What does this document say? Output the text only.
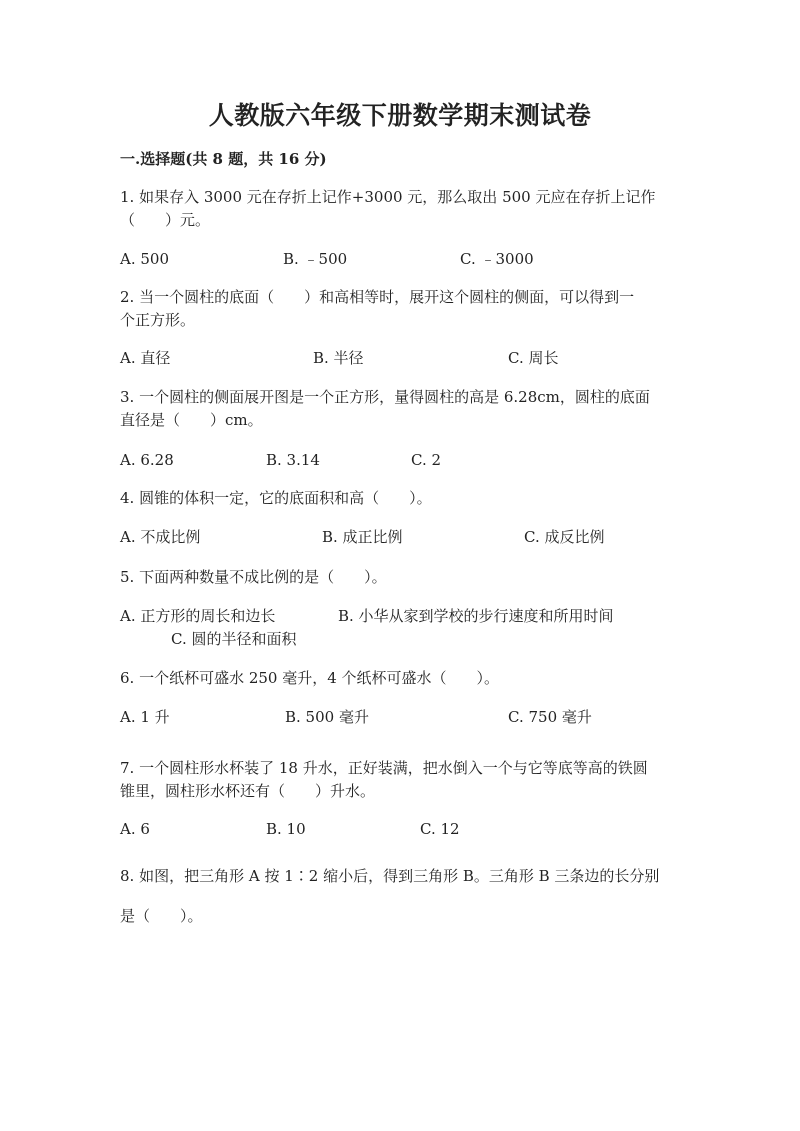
人教版六年级下册数学期末测试卷
一.选择题(共 8 题，共 16 分)
1. 如果存入 3000 元在存折上记作+3000 元，那么取出 500 元应在存折上记作
（　　）元。
A. 500	B. ﹣500	C. ﹣3000
2. 当一个圆柱的底面（　　）和高相等时，展开这个圆柱的侧面，可以得到一
个正方形。
A. 直径	B. 半径	C. 周长
3. 一个圆柱的侧面展开图是一个正方形，量得圆柱的高是 6.28cm，圆柱的底面
直径是（　　）cm。
A. 6.28	B. 3.14	C. 2
4. 圆锥的体积一定，它的底面积和高（　　）。
A. 不成比例	B. 成正比例	C. 成反比例
5. 下面两种数量不成比例的是（　　）。
A. 正方形的周长和边长	B. 小华从家到学校的步行速度和所用时间
C. 圆的半径和面积
6. 一个纸杯可盛水 250 毫升，4 个纸杯可盛水（　　）。
A. 1 升	B. 500 毫升	C. 750 毫升
7. 一个圆柱形水杯装了 18 升水，正好装满，把水倒入一个与它等底等高的铁圆
锥里，圆柱形水杯还有（　　）升水。
A. 6	B. 10	C. 12
8. 如图，把三角形 A 按 1∶2 缩小后，得到三角形 B。三角形 B 三条边的长分别
是（　　）。
